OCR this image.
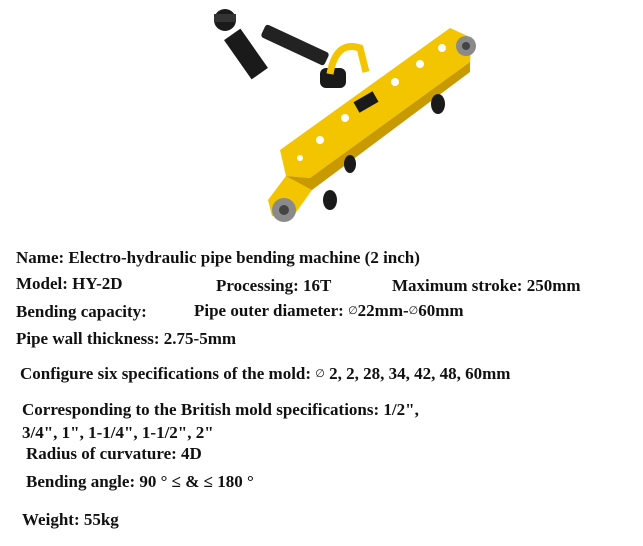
Name: Electro-hydraulic pipe bending machine (2 inch)

Model: HY-2D	Processing: 16T	Maximum stroke: 250mm

Bending capacity:	Pipe outer diameter: ∅22mm-∅60mm

Pipe wall thickness: 2.75-5mm

Configure six specifications of the mold: ∅ 2, 2, 28, 34, 42, 48, 60mm

Corresponding to the British mold specifications: 1/2",

3/4", 1", 1-1/4", 1-1/2", 2"

Radius of curvature: 4D

Bending angle: 90 ° ≤ & ≤ 180 °

Weight: 55kg
